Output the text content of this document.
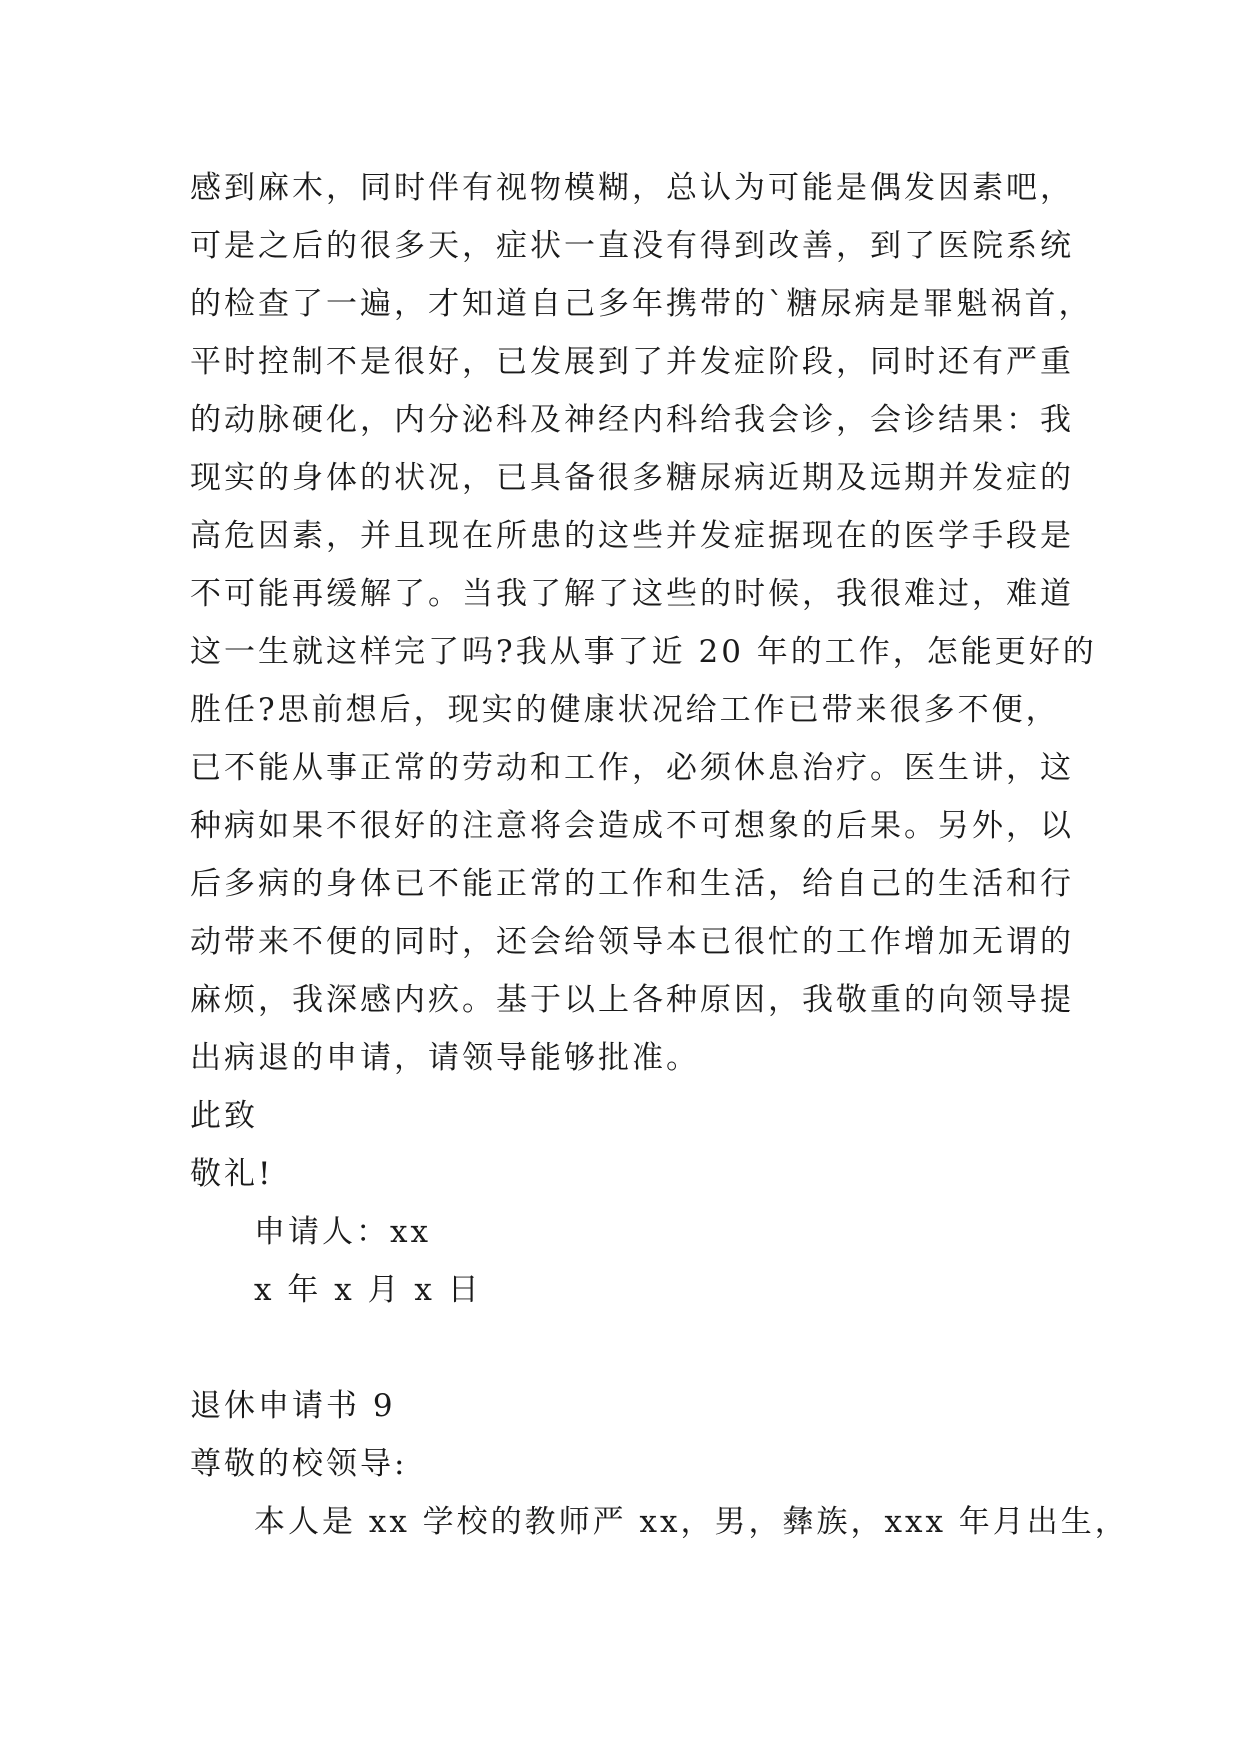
感到麻木，同时伴有视物模糊，总认为可能是偶发因素吧，
可是之后的很多天，症状一直没有得到改善，到了医院系统
的检查了一遍，才知道自己多年携带的`糖尿病是罪魁祸首，
平时控制不是很好，已发展到了并发症阶段，同时还有严重
的动脉硬化，内分泌科及神经内科给我会诊，会诊结果：我
现实的身体的状况，已具备很多糖尿病近期及远期并发症的
高危因素，并且现在所患的这些并发症据现在的医学手段是
不可能再缓解了。当我了解了这些的时候，我很难过，难道
这一生就这样完了吗?我从事了近 20 年的工作，怎能更好的
胜任?思前想后，现实的健康状况给工作已带来很多不便，
已不能从事正常的劳动和工作，必须休息治疗。医生讲，这
种病如果不很好的注意将会造成不可想象的后果。另外，以
后多病的身体已不能正常的工作和生活，给自己的生活和行
动带来不便的同时，还会给领导本已很忙的工作增加无谓的
麻烦，我深感内疚。基于以上各种原因，我敬重的向领导提
出病退的申请，请领导能够批准。
此致
敬礼!
申请人：xx
x 年 x 月 x 日
退休申请书 9
尊敬的校领导:
本人是 xx 学校的教师严 xx，男，彝族，xxx 年月出生，
